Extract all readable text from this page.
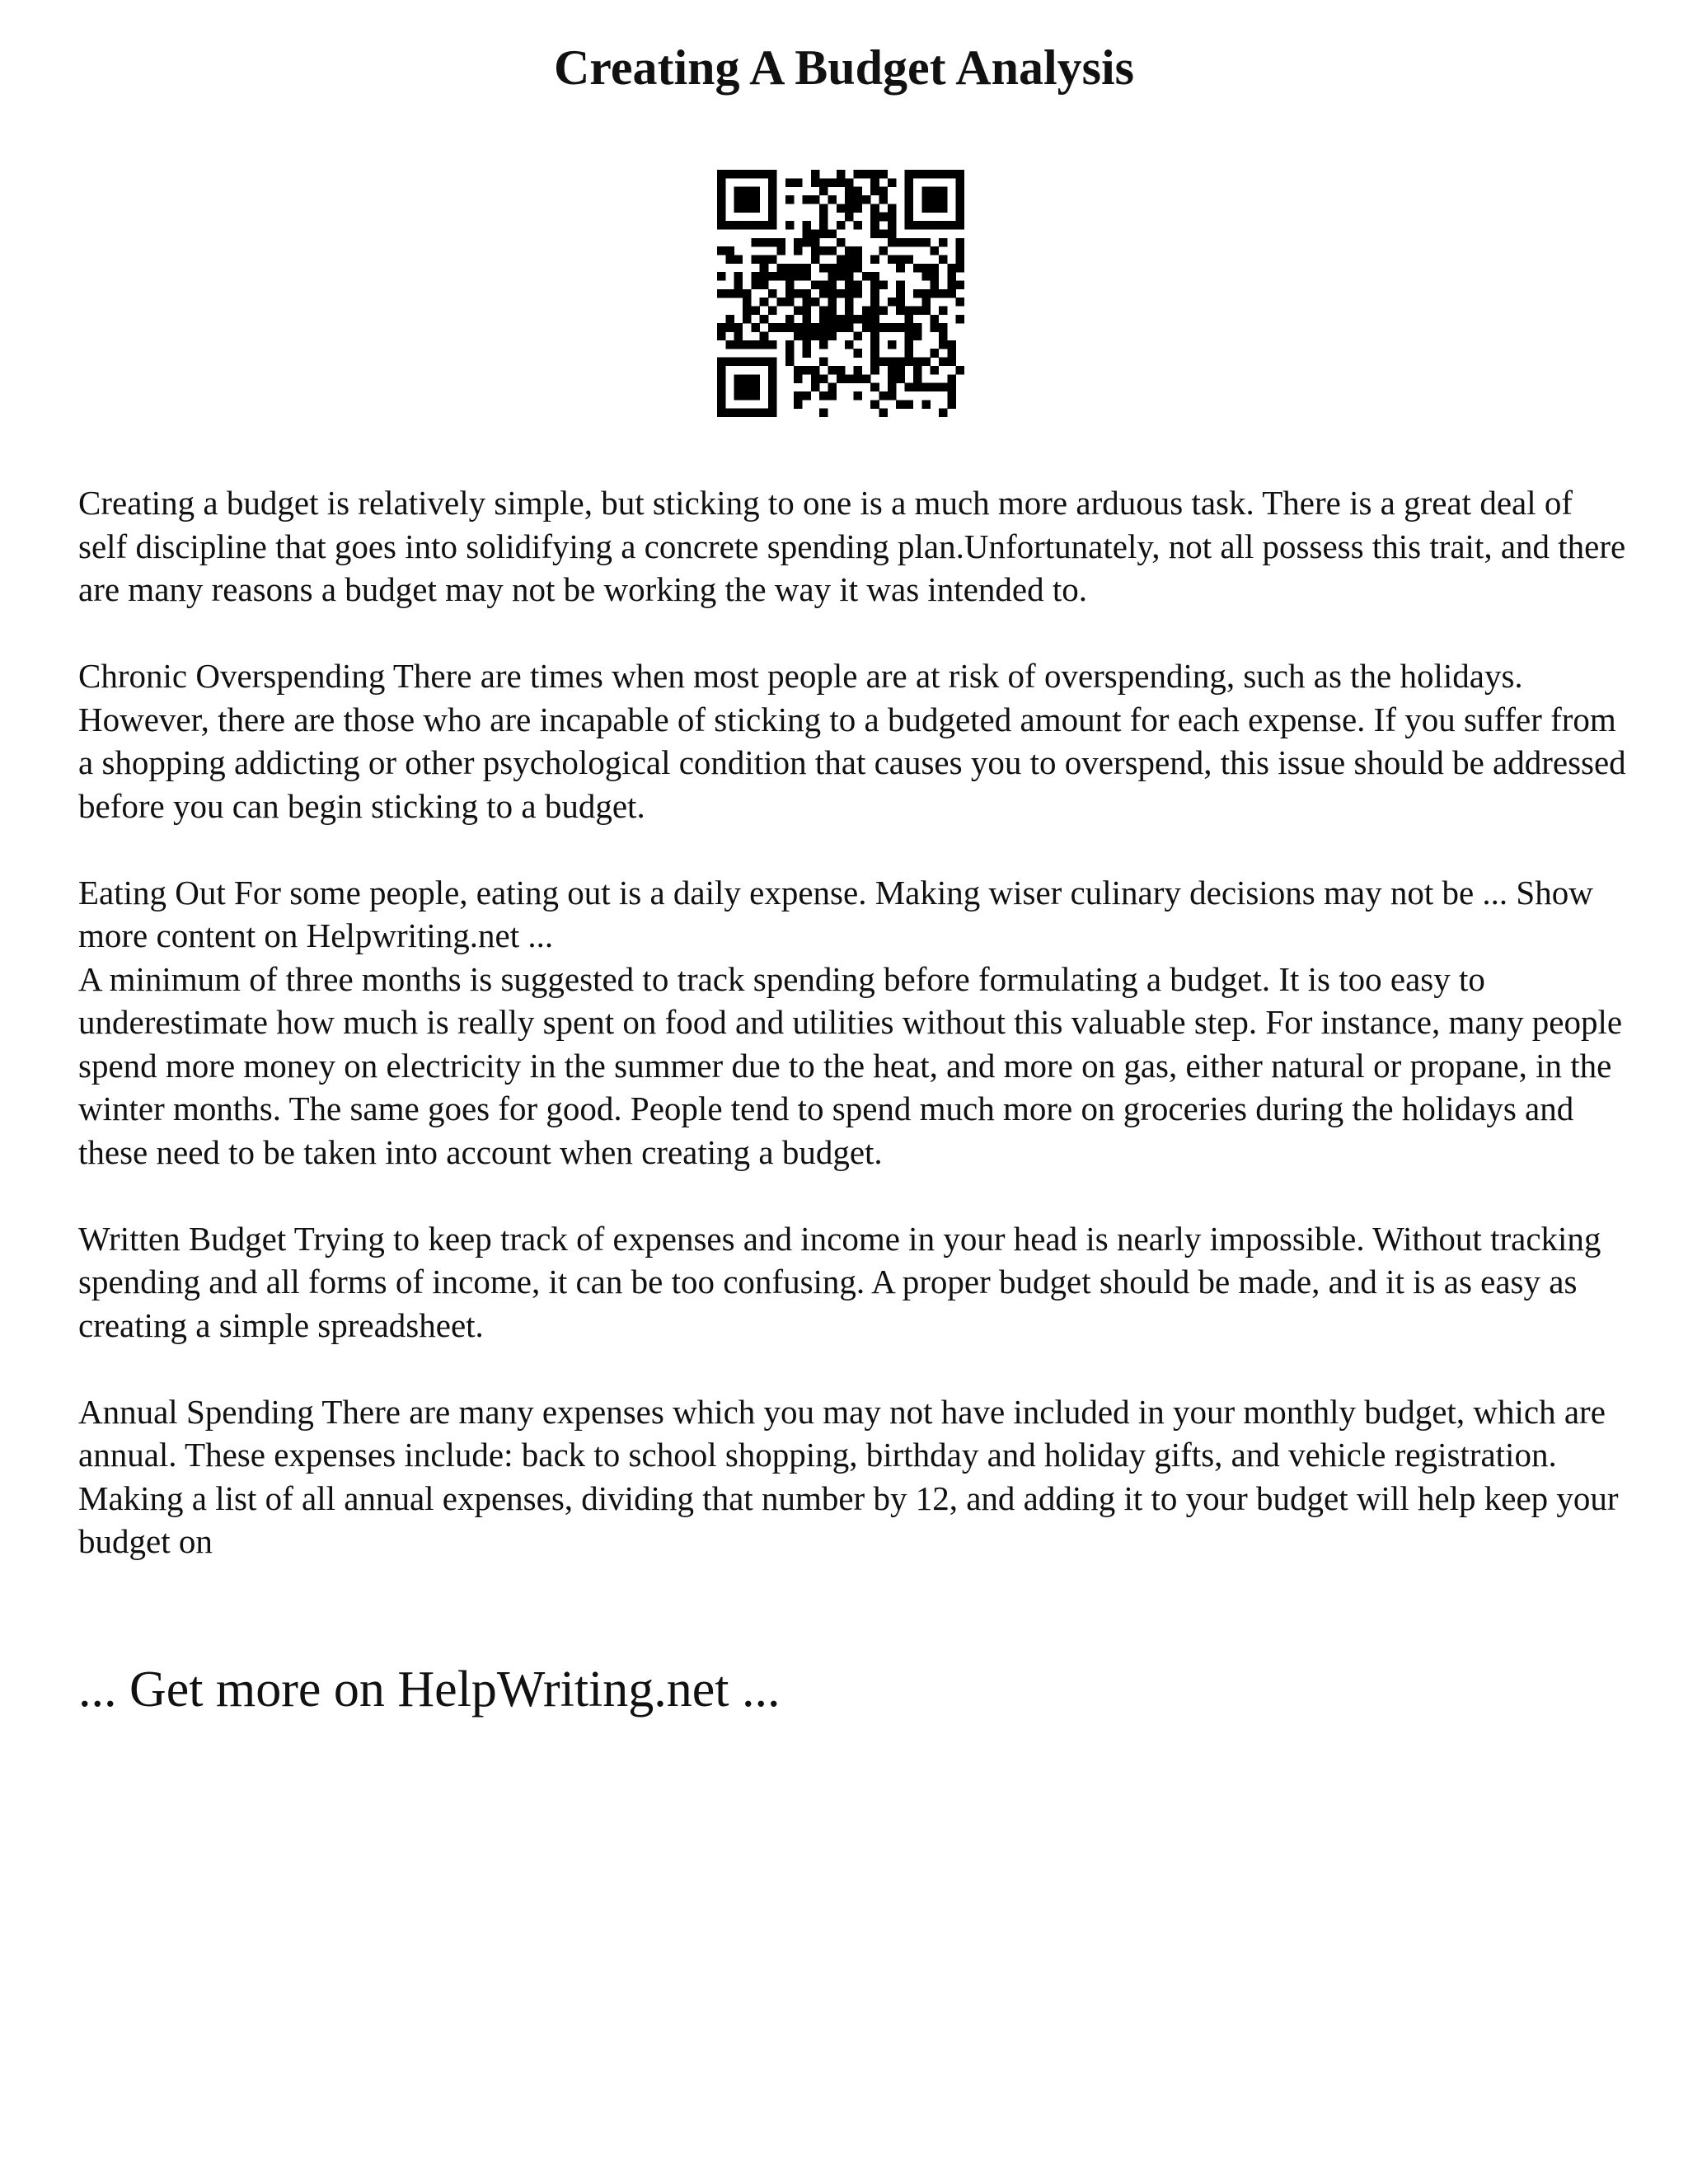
Creating A Budget Analysis

Creating a budget is relatively simple, but sticking to one is a much more arduous task. There is a great deal of self discipline that goes into solidifying a concrete spending plan.Unfortunately, not all possess this trait, and there are many reasons a budget may not be working the way it was intended to.

Chronic Overspending There are times when most people are at risk of overspending, such as the holidays. However, there are those who are incapable of sticking to a budgeted amount for each expense. If you suffer from a shopping addicting or other psychological condition that causes you to overspend, this issue should be addressed before you can begin sticking to a budget.

Eating Out For some people, eating out is a daily expense. Making wiser culinary decisions may not be ... Show more content on Helpwriting.net ...

A minimum of three months is suggested to track spending before formulating a budget. It is too easy to underestimate how much is really spent on food and utilities without this valuable step. For instance, many people spend more money on electricity in the summer due to the heat, and more on gas, either natural or propane, in the winter months. The same goes for good. People tend to spend much more on groceries during the holidays and these need to be taken into account when creating a budget.

Written Budget Trying to keep track of expenses and income in your head is nearly impossible. Without tracking spending and all forms of income, it can be too confusing. A proper budget should be made, and it is as easy as creating a simple spreadsheet.

Annual Spending There are many expenses which you may not have included in your monthly budget, which are annual. These expenses include: back to school shopping, birthday and holiday gifts, and vehicle registration. Making a list of all annual expenses, dividing that number by 12, and adding it to your budget will help keep your budget on

... Get more on HelpWriting.net ...
